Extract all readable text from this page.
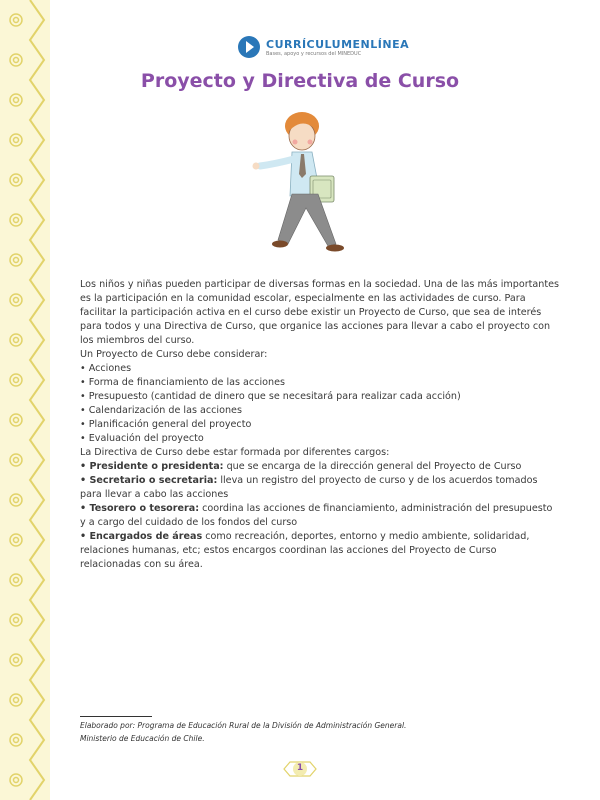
CURRÍCULUMENLÍNEA
Bases, apoyo y recursos del MINEDUC
Proyecto y Directiva de Curso

Los niños y niñas pueden participar de diversas formas en la sociedad. Una de las más importantes es la participación en la comunidad escolar, especialmente en las actividades de curso. Para facilitar la participación activa en el curso debe existir un Proyecto de Curso, que sea de interés para todos y una Directiva de Curso, que organice las acciones para llevar a cabo el proyecto con los miembros del curso.

Un Proyecto de Curso debe considerar:

• Acciones

• Forma de financiamiento de las acciones

• Presupuesto (cantidad de dinero que se necesitará para realizar cada acción)

• Calendarización de las acciones

• Planificación general del proyecto

• Evaluación del proyecto

La Directiva de Curso debe estar formada por diferentes cargos:

• Presidente o presidenta: que se encarga de la dirección general del Proyecto de Curso

• Secretario o secretaria: lleva un registro del proyecto de curso y de los acuerdos tomados para llevar a cabo las acciones

• Tesorero o tesorera: coordina las acciones de financiamiento, administración del presupuesto y a cargo del cuidado de los fondos del curso

• Encargados de áreas como recreación, deportes, entorno y medio ambiente, solidaridad, relaciones humanas, etc; estos encargos coordinan las acciones del Proyecto de Curso relacionadas con su área.

Elaborado por: Programa de Educación Rural de la División de Administración General.

Ministerio de Educación de Chile.

1
